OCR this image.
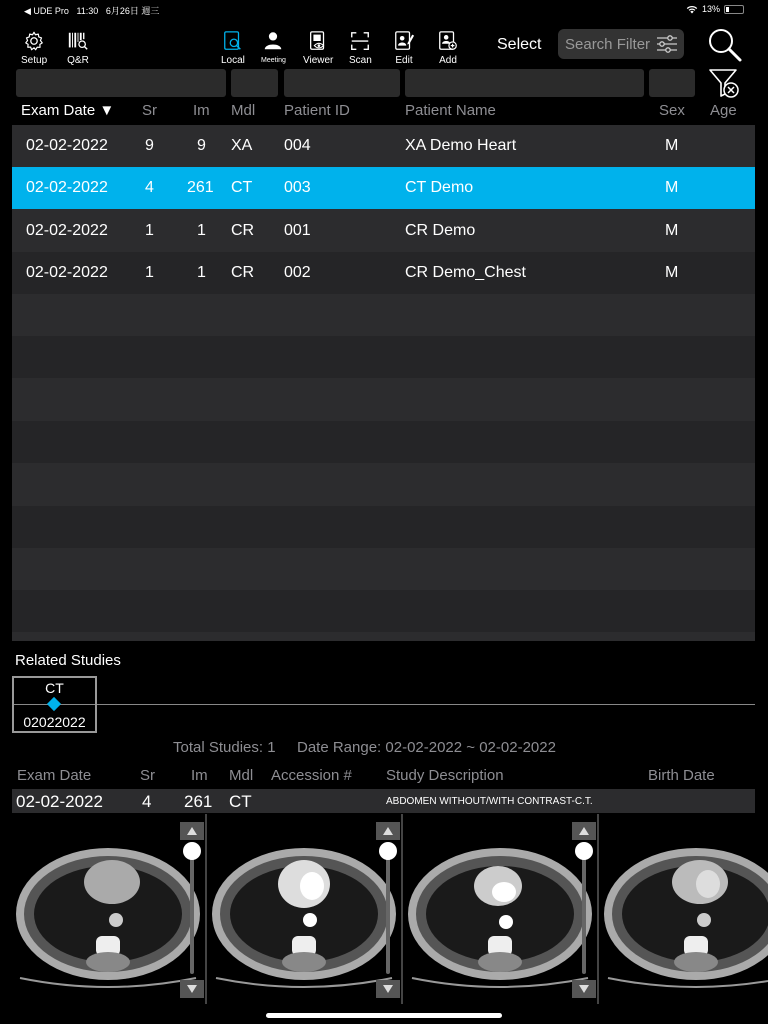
◀ UDE Pro 11:30 6月26日 週三	13%
Setup Q&R	Local Meeting Viewer Scan Edit	Add
Select Search Filter
Exam Date ▼ Sr Im Mdl Patient ID	Patient Name	Sex Age
02-02-2022 9	9 XA 004	XA Demo Heart	M
02-02-2022 4 261 CT 003	CT Demo	M
02-02-2022 1	1 CR 001	CR Demo	M
02-02-2022 1	1 CR 002	CR Demo_Chest	M
Related Studies
CT
02022022
Total Studies: 1 Date Range: 02-02-2022 ~ 02-02-2022
Exam Date	Sr Im Mdl Accession # Study Description	Birth Date
02-02-2022 4 261 CT	ABDOMEN WITHOUT/WITH CONTRAST-C.T.
